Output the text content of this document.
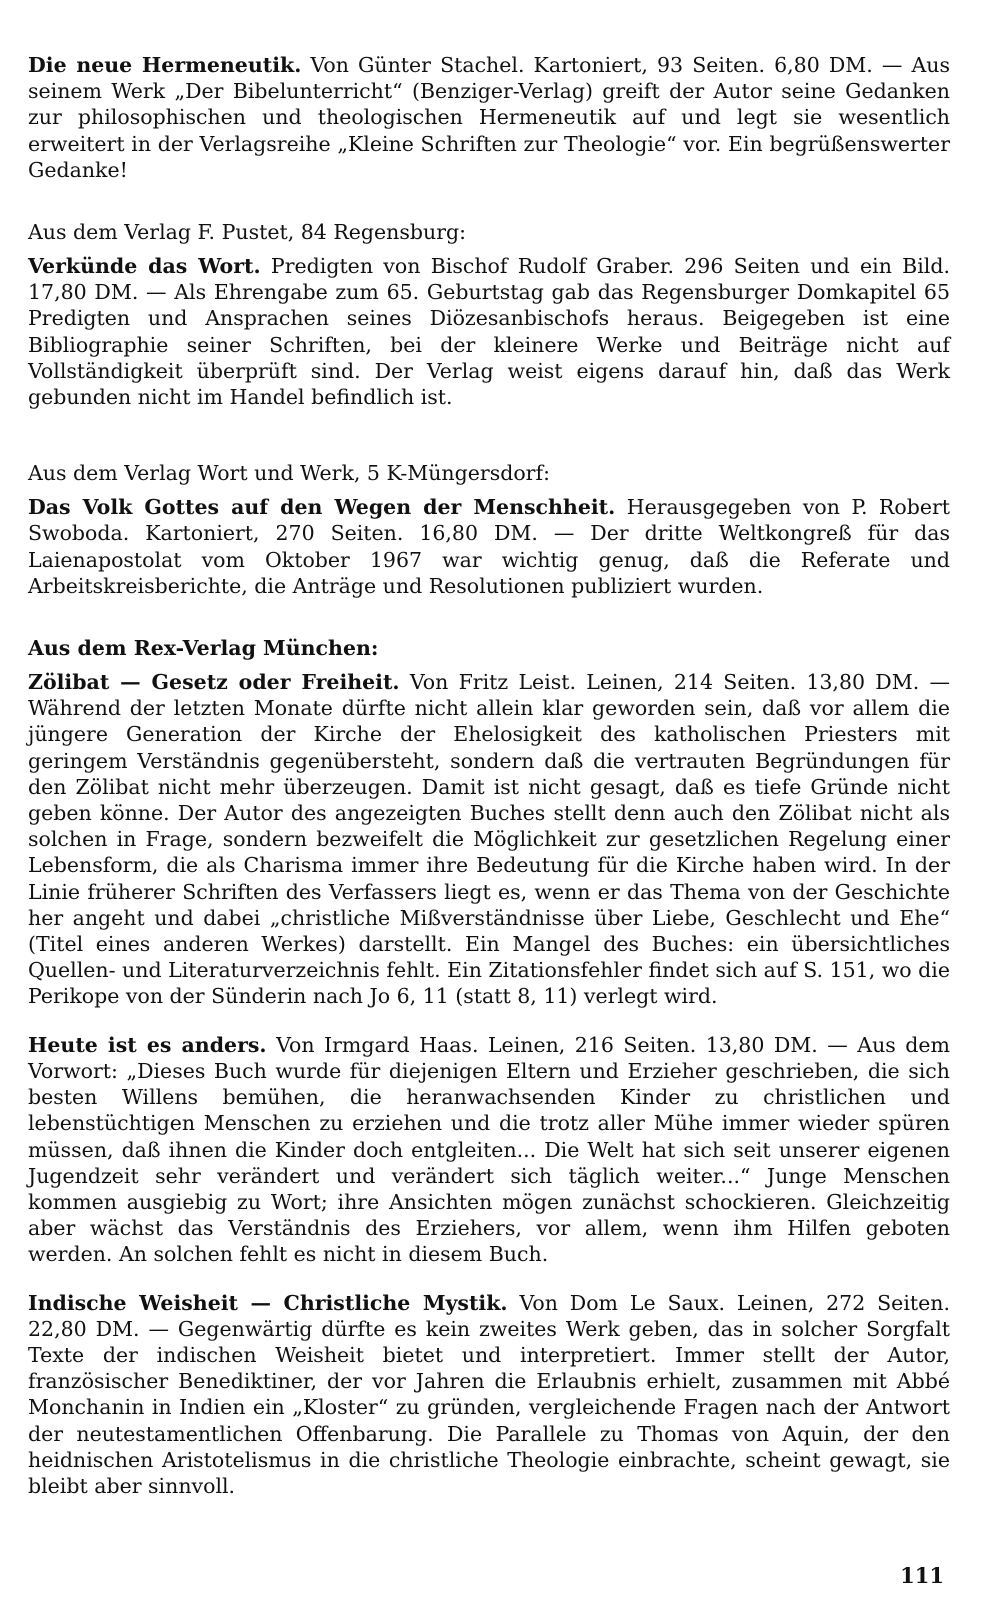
Die neue Hermeneutik. Von Günter Stachel. Kartoniert, 93 Seiten. 6,80 DM. — Aus seinem Werk „Der Bibelunterricht“ (Benziger-Verlag) greift der Autor seine Gedanken zur philosophischen und theologischen Hermeneutik auf und legt sie wesentlich erweitert in der Verlagsreihe „Kleine Schriften zur Theologie“ vor. Ein begrüßenswerter Gedanke!

Aus dem Verlag F. Pustet, 84 Regensburg:

Verkünde das Wort. Predigten von Bischof Rudolf Graber. 296 Seiten und ein Bild. 17,80 DM. — Als Ehrengabe zum 65. Geburtstag gab das Regensburger Domkapitel 65 Predigten und Ansprachen seines Diözesanbischofs heraus. Beigegeben ist eine Bibliographie seiner Schriften, bei der kleinere Werke und Beiträge nicht auf Vollständigkeit überprüft sind. Der Verlag weist eigens darauf hin, daß das Werk gebunden nicht im Handel befindlich ist.

Aus dem Verlag Wort und Werk, 5 K-Müngersdorf:

Das Volk Gottes auf den Wegen der Menschheit. Herausgegeben von P. Robert Swoboda. Kartoniert, 270 Seiten. 16,80 DM. — Der dritte Weltkongreß für das Laienapostolat vom Oktober 1967 war wichtig genug, daß die Referate und Arbeitskreisberichte, die Anträge und Resolutionen publiziert wurden.

Aus dem Rex-Verlag München:

Zölibat — Gesetz oder Freiheit. Von Fritz Leist. Leinen, 214 Seiten. 13,80 DM. — Während der letzten Monate dürfte nicht allein klar geworden sein, daß vor allem die jüngere Generation der Kirche der Ehelosigkeit des katholischen Priesters mit geringem Verständnis gegenübersteht, sondern daß die vertrauten Begründungen für den Zölibat nicht mehr überzeugen. Damit ist nicht gesagt, daß es tiefe Gründe nicht geben könne. Der Autor des angezeigten Buches stellt denn auch den Zölibat nicht als solchen in Frage, sondern bezweifelt die Möglichkeit zur gesetzlichen Regelung einer Lebensform, die als Charisma immer ihre Bedeutung für die Kirche haben wird. In der Linie früherer Schriften des Verfassers liegt es, wenn er das Thema von der Geschichte her angeht und dabei „christliche Mißverständnisse über Liebe, Geschlecht und Ehe“ (Titel eines anderen Werkes) darstellt. Ein Mangel des Buches: ein übersichtliches Quellen- und Literaturverzeichnis fehlt. Ein Zitationsfehler findet sich auf S. 151, wo die Perikope von der Sünderin nach Jo 6, 11 (statt 8, 11) verlegt wird.

Heute ist es anders. Von Irmgard Haas. Leinen, 216 Seiten. 13,80 DM. — Aus dem Vorwort: „Dieses Buch wurde für diejenigen Eltern und Erzieher geschrieben, die sich besten Willens bemühen, die heranwachsenden Kinder zu christlichen und lebenstüchtigen Menschen zu erziehen und die trotz aller Mühe immer wieder spüren müssen, daß ihnen die Kinder doch entgleiten... Die Welt hat sich seit unserer eigenen Jugendzeit sehr verändert und verändert sich täglich weiter...“ Junge Menschen kommen ausgiebig zu Wort; ihre Ansichten mögen zunächst schockieren. Gleichzeitig aber wächst das Verständnis des Erziehers, vor allem, wenn ihm Hilfen geboten werden. An solchen fehlt es nicht in diesem Buch.

Indische Weisheit — Christliche Mystik. Von Dom Le Saux. Leinen, 272 Seiten. 22,80 DM. — Gegenwärtig dürfte es kein zweites Werk geben, das in solcher Sorgfalt Texte der indischen Weisheit bietet und interpretiert. Immer stellt der Autor, französischer Benediktiner, der vor Jahren die Erlaubnis erhielt, zusammen mit Abbé Monchanin in Indien ein „Kloster“ zu gründen, vergleichende Fragen nach der Antwort der neutestamentlichen Offenbarung. Die Parallele zu Thomas von Aquin, der den heidnischen Aristotelismus in die christliche Theologie einbrachte, scheint gewagt, sie bleibt aber sinnvoll.

111
